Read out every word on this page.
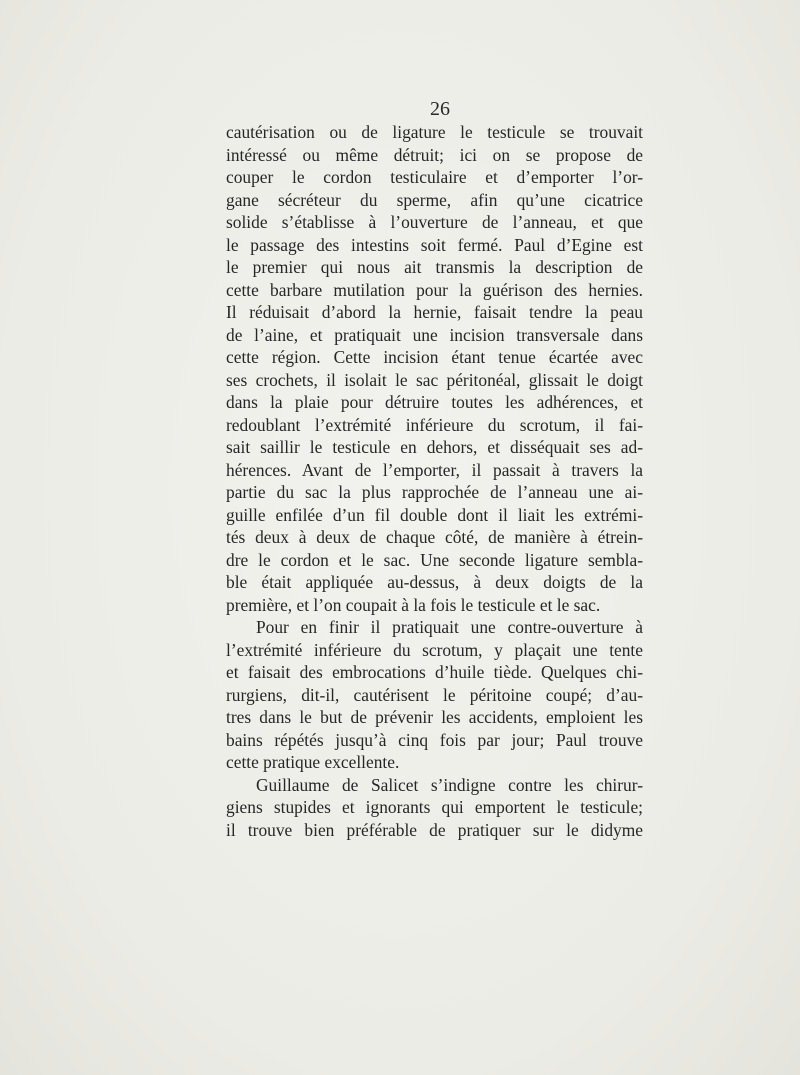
26
cautérisation ou de ligature le testicule se trouvait
intéressé ou même détruit; ici on se propose de
couper le cordon testiculaire et d’emporter l’or-
gane sécréteur du sperme, afin qu’une cicatrice
solide s’établisse à l’ouverture de l’anneau, et que
le passage des intestins soit fermé. Paul d’Egine est
le premier qui nous ait transmis la description de
cette barbare mutilation pour la guérison des hernies.
Il réduisait d’abord la hernie, faisait tendre la peau
de l’aine, et pratiquait une incision transversale dans
cette région. Cette incision étant tenue écartée avec
ses crochets, il isolait le sac péritonéal, glissait le doigt
dans la plaie pour détruire toutes les adhérences, et
redoublant l’extrémité inférieure du scrotum, il fai-
sait saillir le testicule en dehors, et disséquait ses ad-
hérences. Avant de l’emporter, il passait à travers la
partie du sac la plus rapprochée de l’anneau une ai-
guille enfilée d’un fil double dont il liait les extrémi-
tés deux à deux de chaque côté, de manière à étrein-
dre le cordon et le sac. Une seconde ligature sembla-
ble était appliquée au-dessus, à deux doigts de la
première, et l’on coupait à la fois le testicule et le sac.
Pour en finir il pratiquait une contre-ouverture à
l’extrémité inférieure du scrotum, y plaçait une tente
et faisait des embrocations d’huile tiède. Quelques chi-
rurgiens, dit-il, cautérisent le péritoine coupé; d’au-
tres dans le but de prévenir les accidents, emploient les
bains répétés jusqu’à cinq fois par jour; Paul trouve
cette pratique excellente.
Guillaume de Salicet s’indigne contre les chirur-
giens stupides et ignorants qui emportent le testicule;
il trouve bien préférable de pratiquer sur le didyme
